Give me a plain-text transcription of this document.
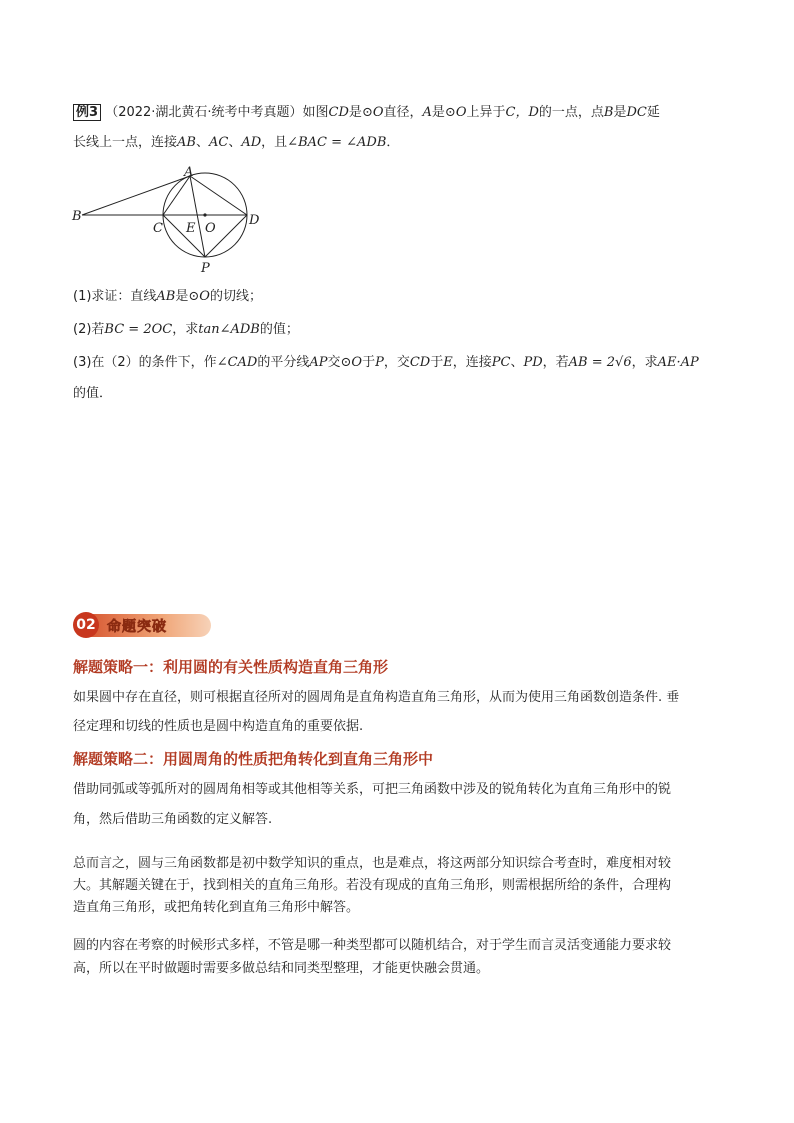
例3 （2022·湖北黄石·统考中考真题）如图CD是⊙O直径，A是⊙O上异于C，D的一点，点B是DC延
长线上一点，连接AB、AC、AD，且∠BAC = ∠ADB．
A
B
C
D
E O
P
(1)求证：直线AB是⊙O的切线；
(2)若BC = 2OC，求tan∠ADB的值；
(3)在（2）的条件下，作∠CAD的平分线AP交⊙O于P，交CD于E，连接PC、PD，若AB = 2√6，求AE·AP
的值．
02 命题突破
解题策略一：利用圆的有关性质构造直角三角形
如果圆中存在直径，则可根据直径所对的圆周角是直角构造直角三角形，从而为使用三角函数创造条件. 垂
径定理和切线的性质也是圆中构造直角的重要依据.
解题策略二：用圆周角的性质把角转化到直角三角形中
借助同弧或等弧所对的圆周角相等或其他相等关系，可把三角函数中涉及的锐角转化为直角三角形中的锐
角，然后借助三角函数的定义解答.
总而言之，圆与三角函数都是初中数学知识的重点，也是难点，将这两部分知识综合考查时，难度相对较
大。其解题关键在于，找到相关的直角三角形。若没有现成的直角三角形，则需根据所给的条件，合理构
造直角三角形，或把角转化到直角三角形中解答。
圆的内容在考察的时候形式多样，不管是哪一种类型都可以随机结合，对于学生而言灵活变通能力要求较
高，所以在平时做题时需要多做总结和同类型整理，才能更快融会贯通。
